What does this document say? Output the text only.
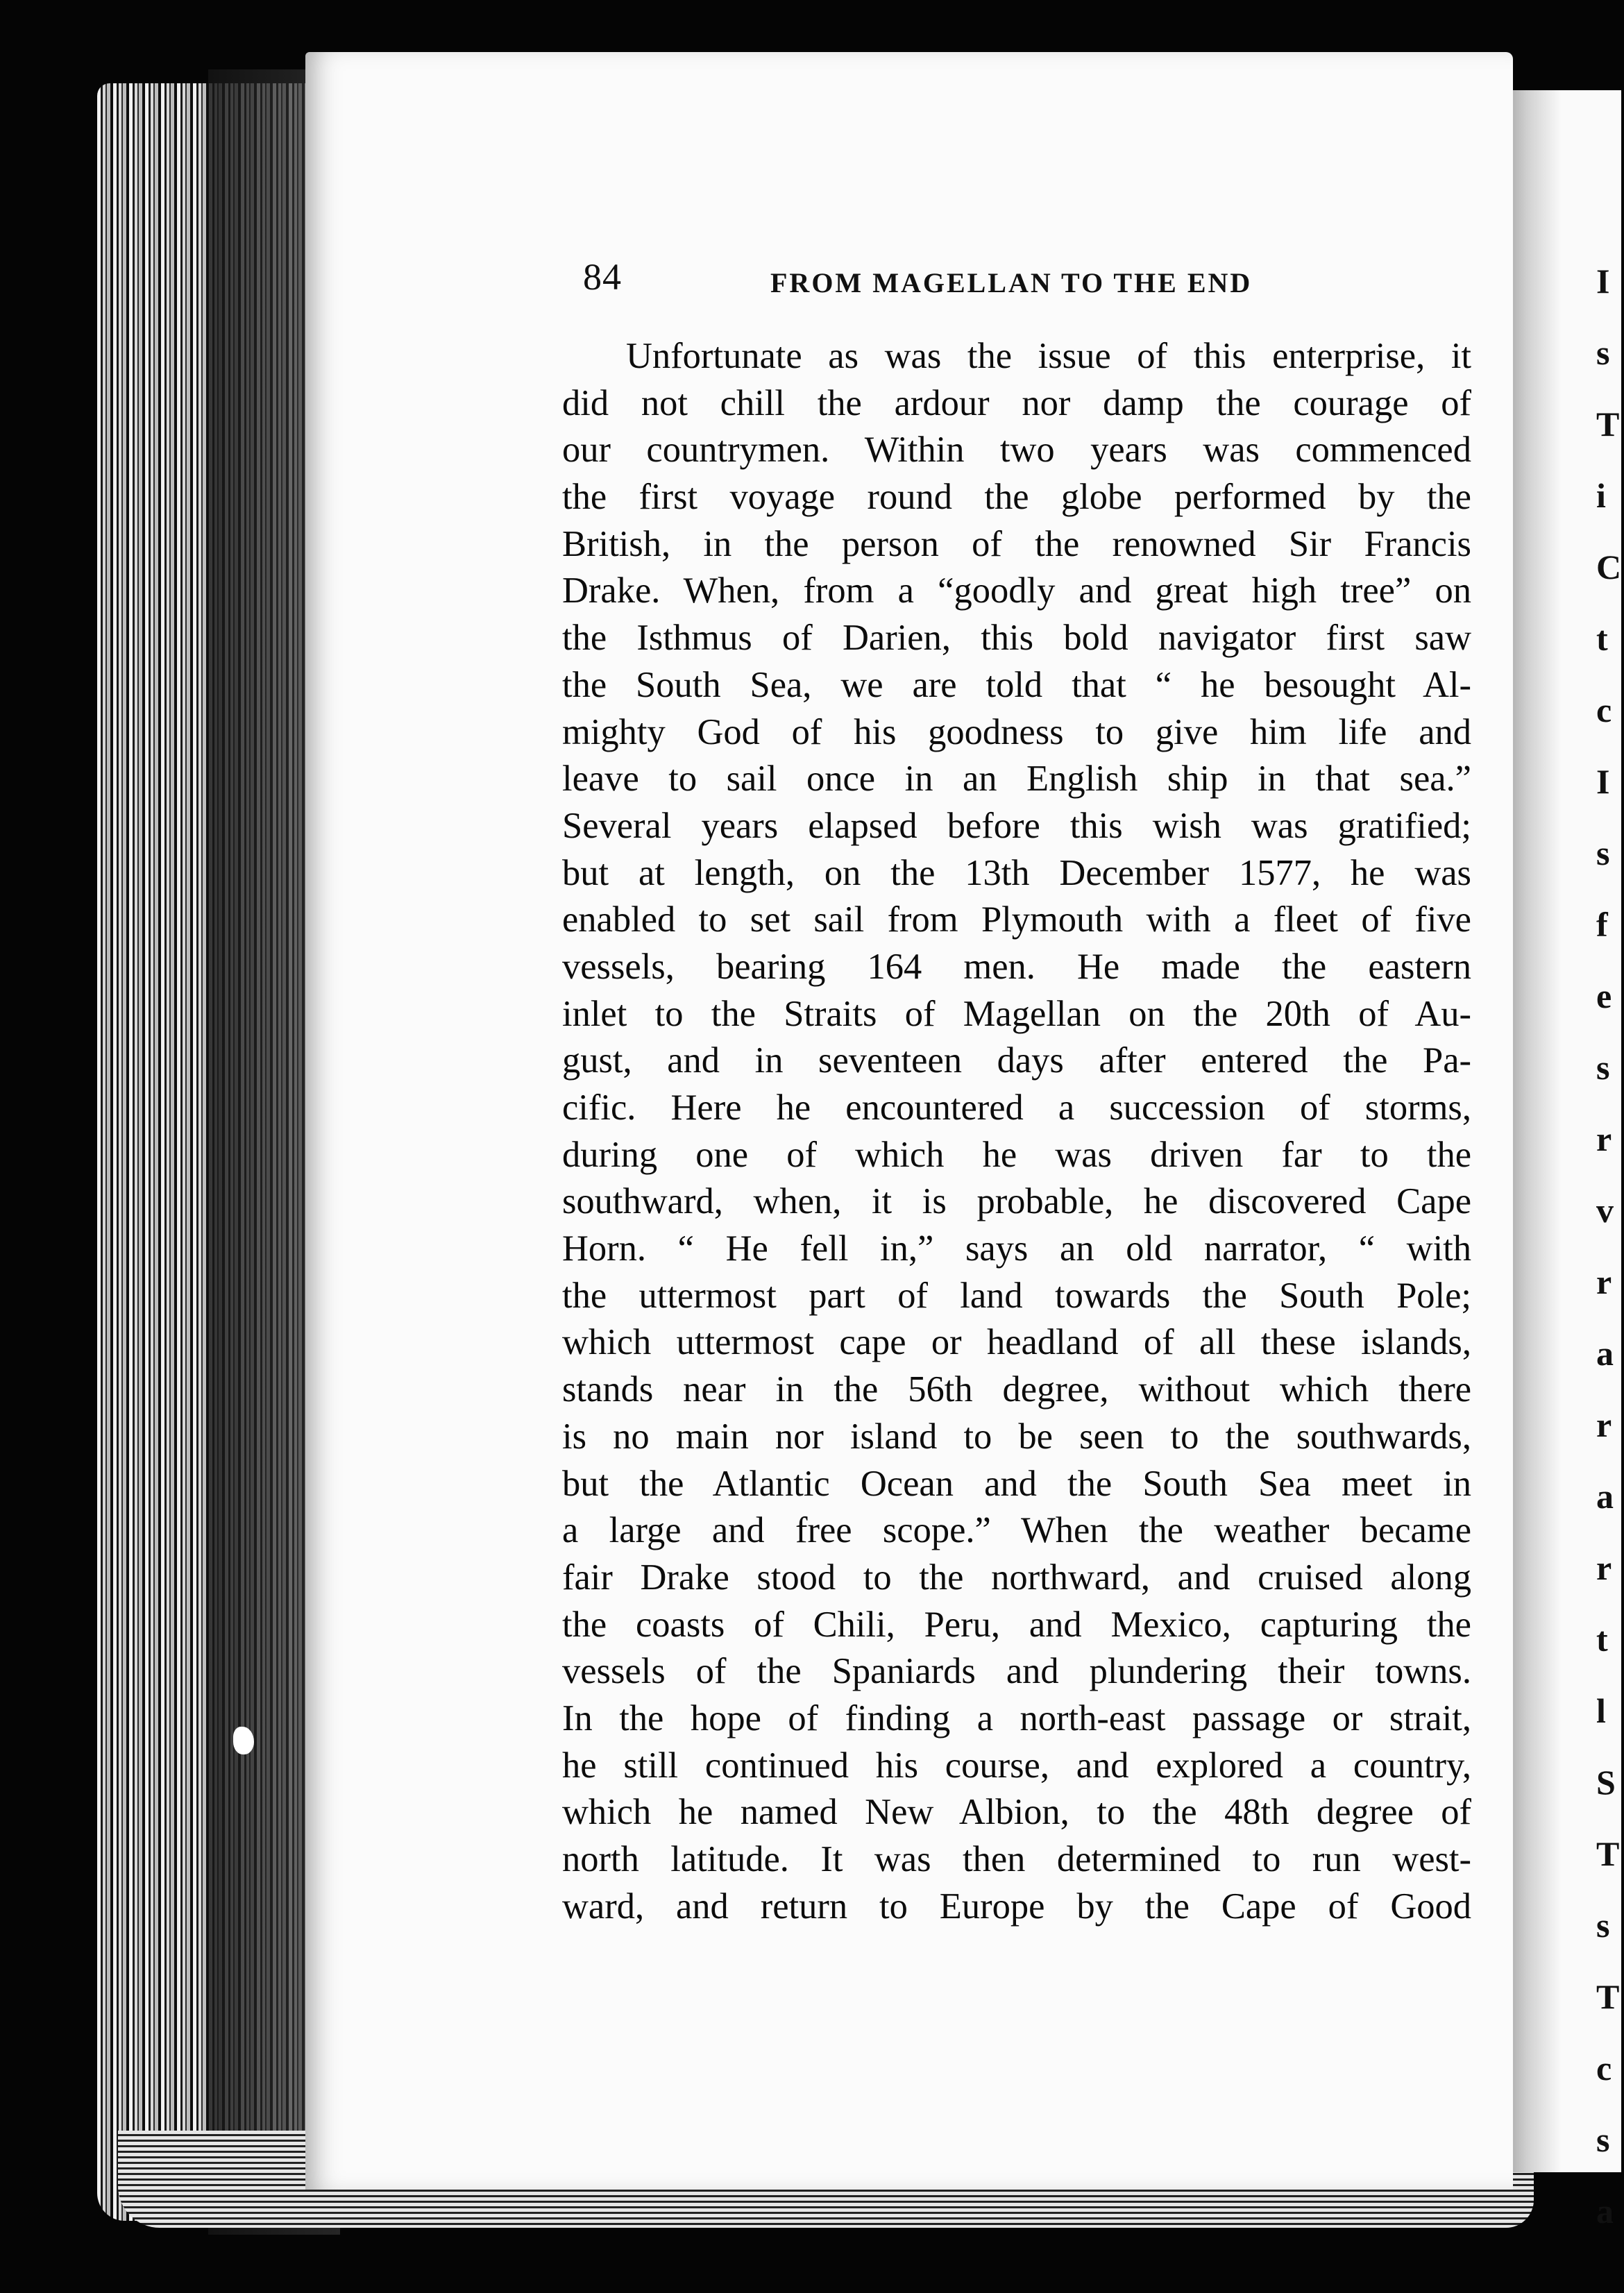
I
s
T
i
C
t
c
I
s
f
e
s
r
v
r
a
r
a
r
t
l
S
T
s
T
c
s
a
84	FROM MAGELLAN TO THE END
Unfortunate as was the issue of this enterprise, it
did not chill the ardour nor damp the courage of
our countrymen. Within two years was commenced
the first voyage round the globe performed by the
British, in the person of the renowned Sir Francis
Drake. When, from a “goodly and great high tree” on
the Isthmus of Darien, this bold navigator first saw
the South Sea, we are told that “ he besought Al-
mighty God of his goodness to give him life and
leave to sail once in an English ship in that sea.”
Several years elapsed before this wish was gratified;
but at length, on the 13th December 1577, he was
enabled to set sail from Plymouth with a fleet of five
vessels, bearing 164 men. He made the eastern
inlet to the Straits of Magellan on the 20th of Au-
gust, and in seventeen days after entered the Pa-
cific. Here he encountered a succession of storms,
during one of which he was driven far to the
southward, when, it is probable, he discovered Cape
Horn. “ He fell in,” says an old narrator, “ with
the uttermost part of land towards the South Pole;
which uttermost cape or headland of all these islands,
stands near in the 56th degree, without which there
is no main nor island to be seen to the southwards,
but the Atlantic Ocean and the South Sea meet in
a large and free scope.” When the weather became
fair Drake stood to the northward, and cruised along
the coasts of Chili, Peru, and Mexico, capturing the
vessels of the Spaniards and plundering their towns.
In the hope of finding a north-east passage or strait,
he still continued his course, and explored a country,
which he named New Albion, to the 48th degree of
north latitude. It was then determined to run west-
ward, and return to Europe by the Cape of Good
